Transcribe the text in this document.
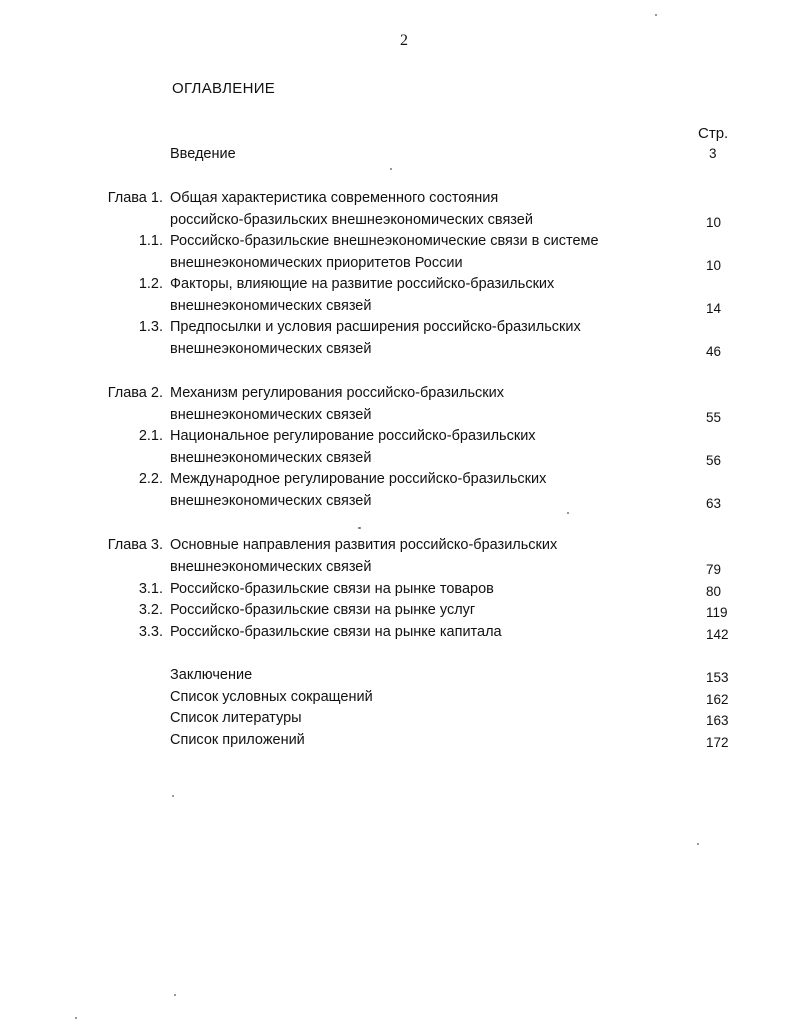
2
ОГЛАВЛЕНИЕ
Стр.
Введение	3
Глава 1. Общая характеристика современного состояния
российско-бразильских внешнеэкономических связей	10
1.1. Российско-бразильские внешнеэкономические связи в системе
внешнеэкономических приоритетов России	10
1.2. Факторы, влияющие на развитие российско-бразильских
внешнеэкономических связей	14
1.3. Предпосылки и условия расширения российско-бразильских
внешнеэкономических связей	46
Глава 2. Механизм регулирования российско-бразильских
внешнеэкономических связей	55
2.1. Национальное регулирование российско-бразильских
внешнеэкономических связей	56
2.2. Международное регулирование российско-бразильских
внешнеэкономических связей	63
Глава 3. Основные направления развития российско-бразильских
внешнеэкономических связей	79
3.1. Российско-бразильские связи на рынке товаров	80
3.2. Российско-бразильские связи на рынке услуг	119
3.3. Российско-бразильские связи на рынке капитала	142
Заключение	153
Список условных сокращений	162
Список литературы	163
Список приложений	172
